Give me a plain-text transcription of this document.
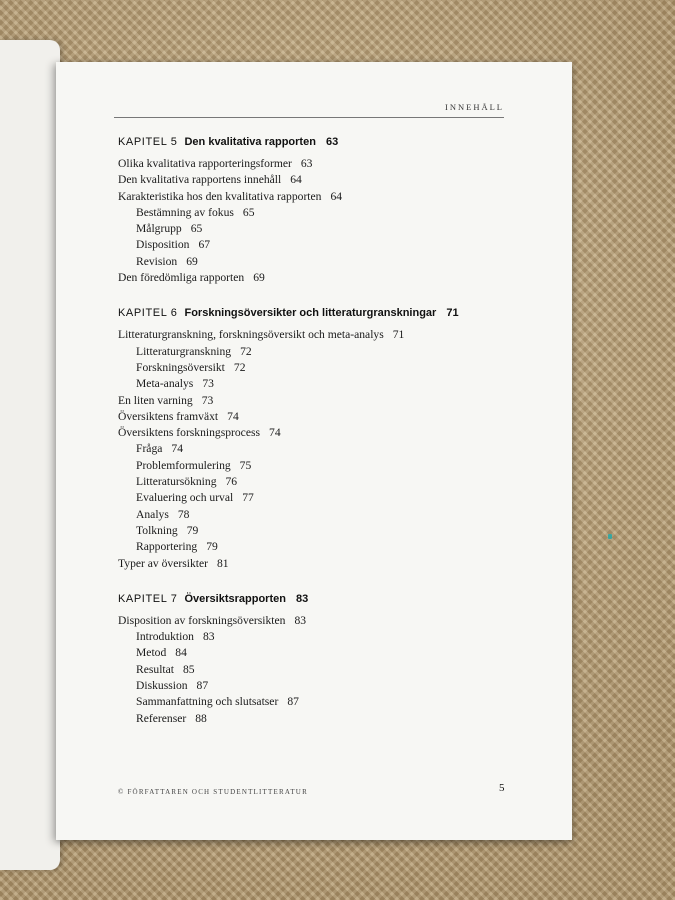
INNEHÅLL
KAPITEL 5 Den kvalitativa rapporten 63
Olika kvalitativa rapporteringsformer 63
Den kvalitativa rapportens innehåll 64
Karakteristika hos den kvalitativa rapporten 64
Bestämning av fokus 65
Målgrupp 65
Disposition 67
Revision 69
Den föredömliga rapporten 69
KAPITEL 6 Forskningsöversikter och litteraturgranskningar 71
Litteraturgranskning, forskningsöversikt och meta-analys 71
Litteraturgranskning 72
Forskningsöversikt 72
Meta-analys 73
En liten varning 73
Översiktens framväxt 74
Översiktens forskningsprocess 74
Fråga 74
Problemformulering 75
Litteratursökning 76
Evaluering och urval 77
Analys 78
Tolkning 79
Rapportering 79
Typer av översikter 81
KAPITEL 7 Översiktsrapporten 83
Disposition av forskningsöversikten 83
Introduktion 83
Metod 84
Resultat 85
Diskussion 87
Sammanfattning och slutsatser 87
Referenser 88
© FÖRFATTAREN OCH STUDENTLITTERATUR	5
